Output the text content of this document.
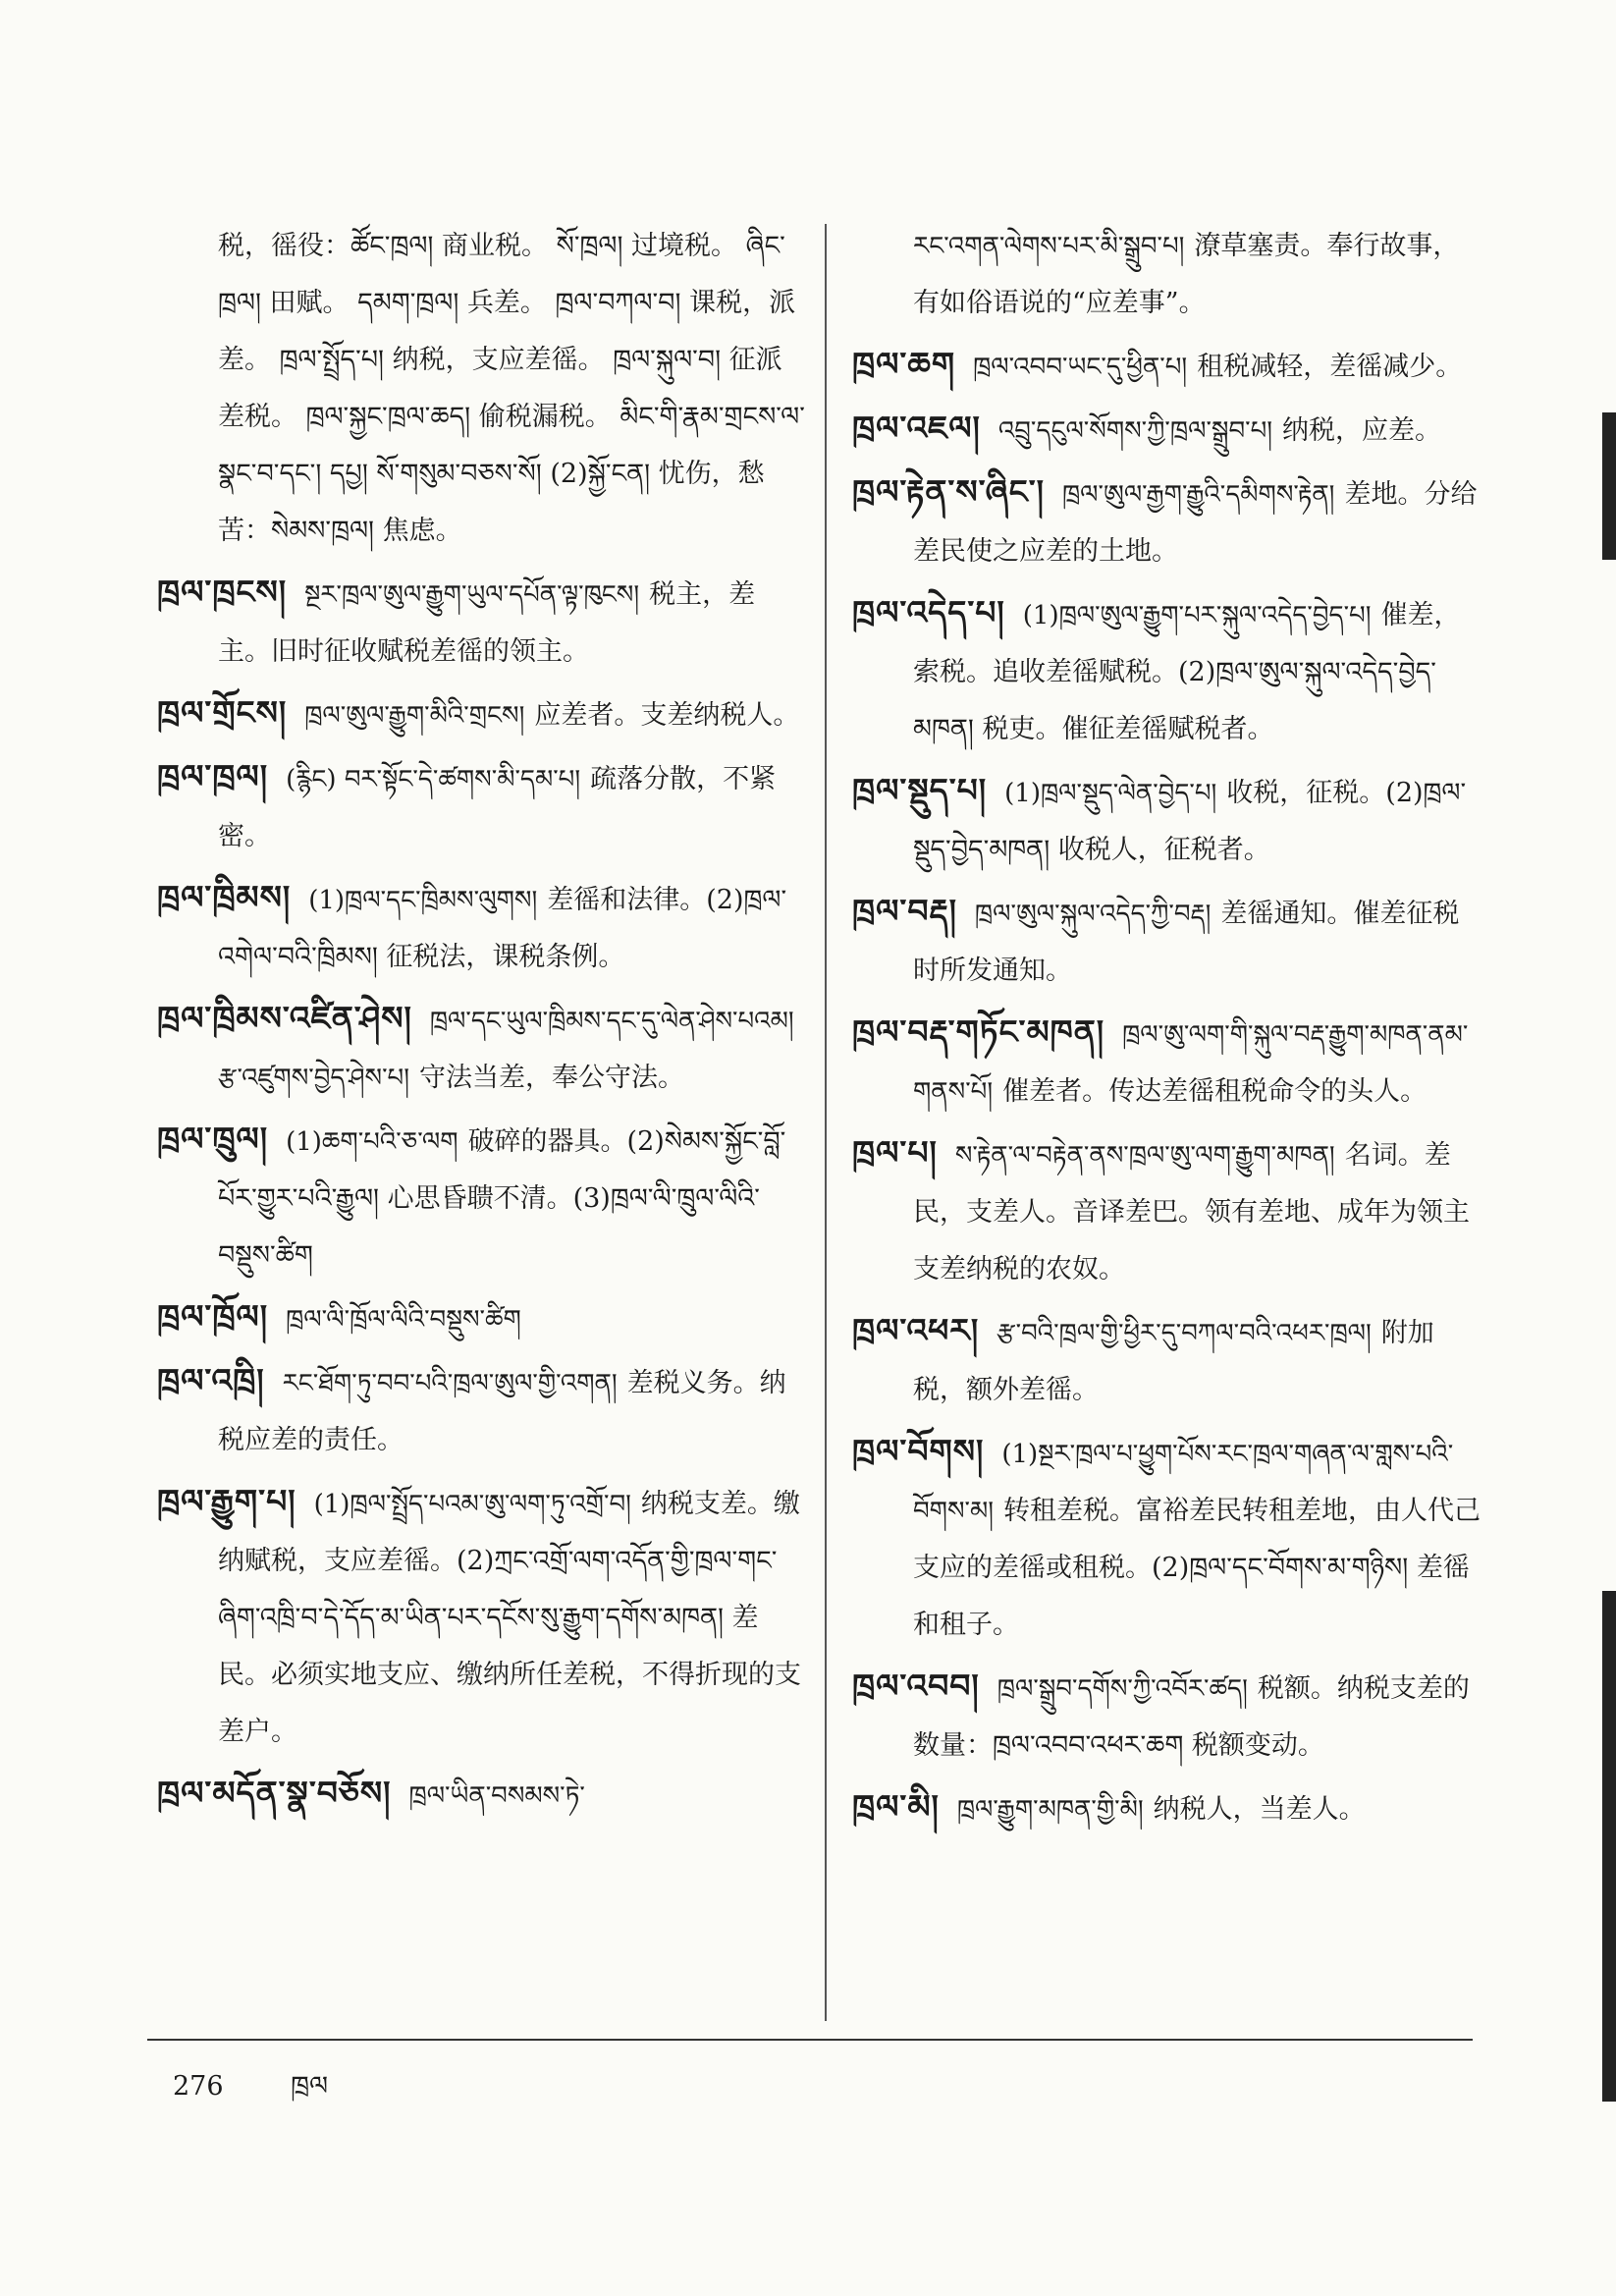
税，徭役：ཚོང་ཁྲལ། 商业税。 སོ་ཁྲལ། 过境税。 ཞིང་ཁྲལ། 田赋。 དམག་ཁྲལ། 兵差。 ཁྲལ་བཀལ་བ། 课税，派差。 ཁྲལ་སྤྲོད་པ། 纳税，支应差徭。 ཁྲལ་སྐུལ་བ། 征派差税。 ཁྲལ་སྐྱང་ཁྲལ་ཆད། 偷税漏税。 མིང་གི་རྣམ་གྲངས་ལ་སྣང་བ་དང་། དཔྱ། སོ་གསུམ་བཅས་སོ། (2)སྐྱོ་ངན། 忧伤，愁苦：སེམས་ཁྲལ། 焦虑。
ཁྲལ་ཁྲངས། སྔར་ཁྲལ་ཨུལ་རྒྱུག་ཡུལ་དཔོན་ལྟ་ཁུངས། 税主，差主。旧时征收赋税差徭的领主。
ཁྲལ་གྲོངས། ཁྲལ་ཨུལ་རྒྱུག་མིའི་གྲངས། 应差者。支差纳税人。
ཁྲལ་ཁྲལ། (རྙིང) བར་སྟོང་དེ་ཚགས་མི་དམ་པ། 疏落分散，不紧密。
ཁྲལ་ཁྲིམས། (1)ཁྲལ་དང་ཁྲིམས་ལུགས། 差徭和法律。(2)ཁྲལ་འགེལ་བའི་ཁྲིམས། 征税法，课税条例。
ཁྲལ་ཁྲིམས་འཛིན་ཤེས། ཁྲལ་དང་ཡུལ་ཁྲིམས་དང་དུ་ལེན་ཤེས་པའམ། རྩ་འཛུགས་བྱེད་ཤེས་པ། 守法当差，奉公守法。
ཁྲལ་ཁྲུལ། (1)ཆག་པའི་ཅ་ལག 破碎的器具。(2)སེམས་སྐྱོང་བློ་པོར་གྱུར་པའི་རྒྱུལ། 心思昏聩不清。(3)ཁྲལ་ལི་ཁྲུལ་ལིའི་བསྡུས་ཚིག
ཁྲལ་ཁྲོལ། ཁྲལ་ལི་ཁྲོལ་ལིའི་བསྡུས་ཚིག
ཁྲལ་འཁྲི། རང་ཐོག་ཏུ་བབ་པའི་ཁྲལ་ཨུལ་གྱི་འགན། 差税义务。纳税应差的责任。
ཁྲལ་རྒྱུག་པ། (1)ཁྲལ་སྤྲོད་པའམ་ཨུ་ལག་ཏུ་འགྲོ་བ། 纳税支差。缴纳赋税，支应差徭。(2)ཀྲང་འགྲོ་ལག་འདོན་གྱི་ཁྲལ་གང་ཞིག་འཁྲི་བ་དེ་དོད་མ་ཡིན་པར་དངོས་སུ་རྒྱུག་དགོས་མཁན། 差民。必须实地支应、缴纳所任差税，不得折现的支差户。
ཁྲལ་མདོན་སྣ་བཅོས། ཁྲལ་ཡིན་བསམས་ཏེ་
རང་འགན་ལེགས་པར་མི་སྒྲུབ་པ། 潦草塞责。奉行故事，有如俗语说的“应差事”。
ཁྲལ་ཆག ཁྲལ་འབབ་ཡང་དུ་ཕྱིན་པ། 租税减轻，差徭减少。
ཁྲལ་འཇལ། འབྲུ་དངུལ་སོགས་ཀྱི་ཁྲལ་སྒྲུབ་པ། 纳税，应差。
ཁྲལ་རྟེན་ས་ཞིང་། ཁྲལ་ཨུལ་རྒྱག་རྒྱུའི་དམིགས་རྟེན། 差地。分给差民使之应差的土地。
ཁྲལ་འདེད་པ། (1)ཁྲལ་ཨུལ་རྒྱུག་པར་སྐུལ་འདེད་བྱེད་པ། 催差，索税。追收差徭赋税。(2)ཁྲལ་ཨུལ་སྐུལ་འདེད་བྱེད་མཁན། 税吏。催征差徭赋税者。
ཁྲལ་སྡུད་པ། (1)ཁྲལ་སྡུད་ལེན་བྱེད་པ། 收税，征税。(2)ཁྲལ་སྡུད་བྱེད་མཁན། 收税人，征税者。
ཁྲལ་བརྡ། ཁྲལ་ཨུལ་སྐུལ་འདེད་ཀྱི་བརྡ། 差徭通知。催差征税时所发通知。
ཁྲལ་བརྡ་གཏོང་མཁན། ཁྲལ་ཨུ་ལག་གི་སྐུལ་བརྡ་རྒྱུག་མཁན་ནམ་གནས་པོ། 催差者。传达差徭租税命令的头人。
ཁྲལ་པ། ས་རྟེན་ལ་བརྟེན་ནས་ཁྲལ་ཨུ་ལག་རྒྱུག་མཁན། 名词。差民，支差人。音译差巴。领有差地、成年为领主支差纳税的农奴。
ཁྲལ་འཕར། རྩ་བའི་ཁྲལ་གྱི་ཕྱིར་དུ་བཀལ་བའི་འཕར་ཁྲལ། 附加税，额外差徭。
ཁྲལ་བོགས། (1)སྔར་ཁྲལ་པ་ཕྱུག་པོས་རང་ཁྲལ་གཞན་ལ་གླས་པའི་བོགས་མ། 转租差税。富裕差民转租差地，由人代己支应的差徭或租税。(2)ཁྲལ་དང་བོགས་མ་གཉིས། 差徭和租子。
ཁྲལ་འབབ། ཁྲལ་སྒྲུབ་དགོས་ཀྱི་འབོར་ཚད། 税额。纳税支差的数量：ཁྲལ་འབབ་འཕར་ཆག 税额变动。
ཁྲལ་མི། ཁྲལ་རྒྱུག་མཁན་གྱི་མི། 纳税人，当差人。
276	ཁྲལ
